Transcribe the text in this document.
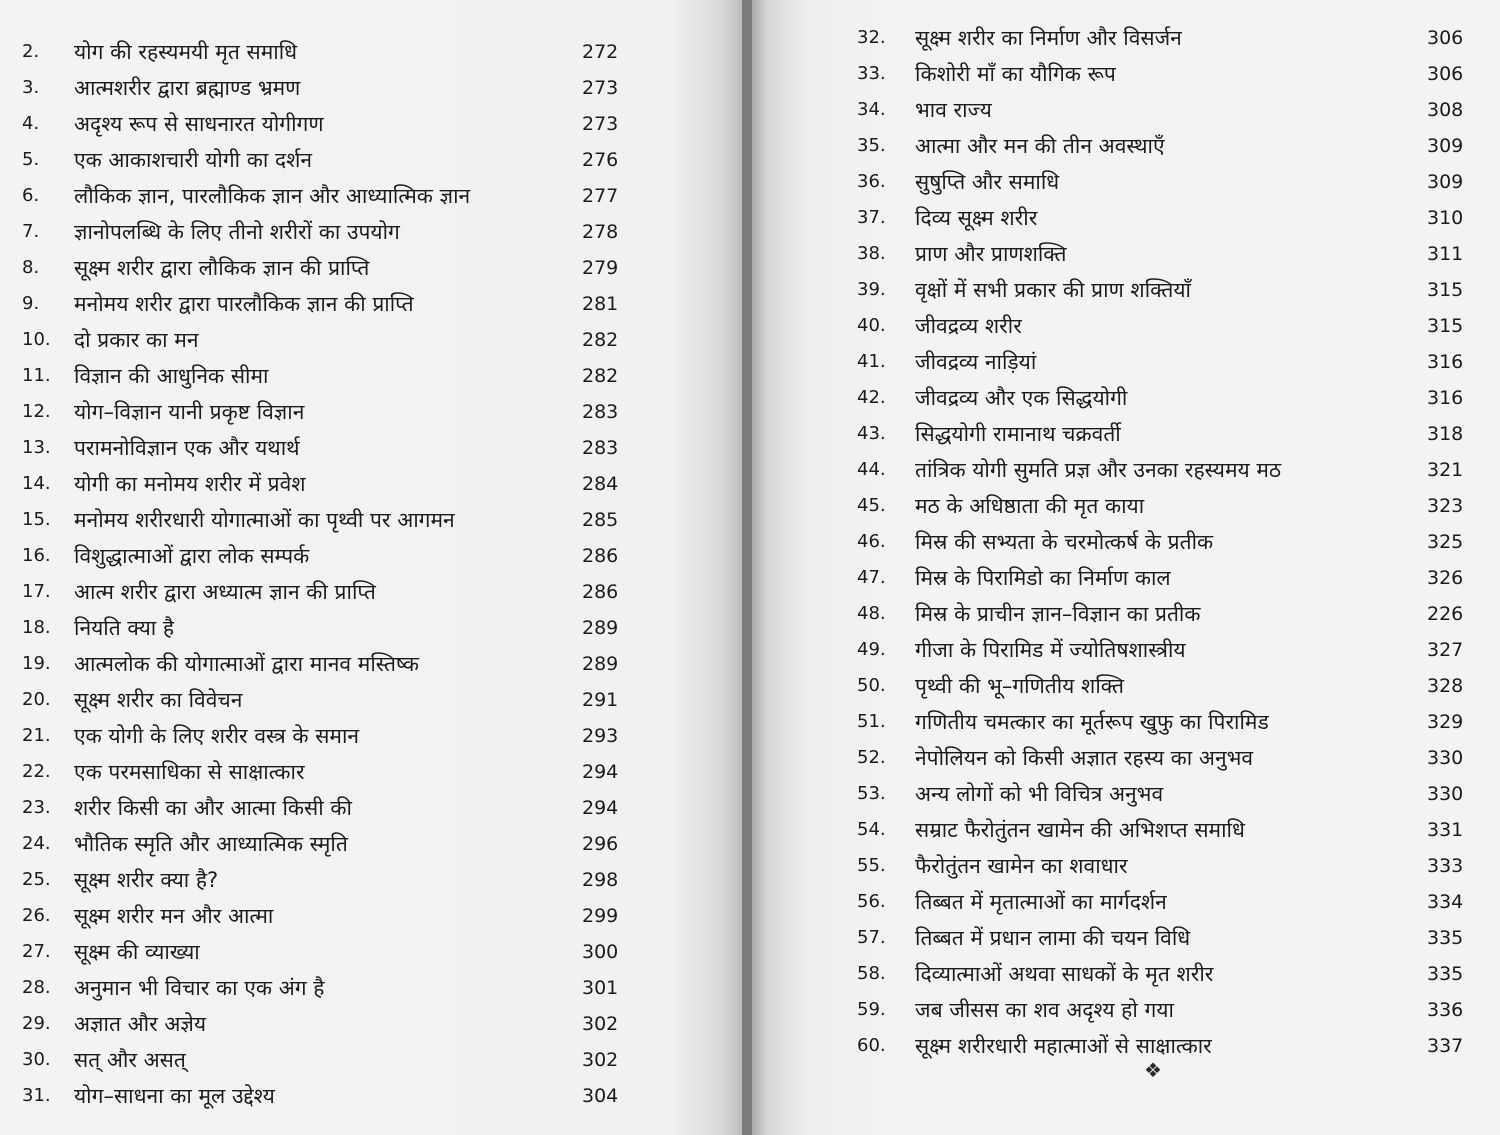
2. योग की रहस्यमयी मृत समाधि	272
3. आत्मशरीर द्वारा ब्रह्माण्ड भ्रमण	273
4. अदृश्य रूप से साधनारत योगीगण	273
5. एक आकाशचारी योगी का दर्शन	276
6. लौकिक ज्ञान, पारलौकिक ज्ञान और आध्यात्मिक ज्ञान	277
7. ज्ञानोपलब्धि के लिए तीनो शरीरों का उपयोग	278
8. सूक्ष्म शरीर द्वारा लौकिक ज्ञान की प्राप्ति	279
9. मनोमय शरीर द्वारा पारलौकिक ज्ञान की प्राप्ति	281
10. दो प्रकार का मन	282
11. विज्ञान की आधुनिक सीमा	282
12. योग–विज्ञान यानी प्रकृष्ट विज्ञान	283
13. परामनोविज्ञान एक और यथार्थ	283
14. योगी का मनोमय शरीर में प्रवेश	284
15. मनोमय शरीरधारी योगात्माओं का पृथ्वी पर आगमन	285
16. विशुद्धात्माओं द्वारा लोक सम्पर्क	286
17. आत्म शरीर द्वारा अध्यात्म ज्ञान की प्राप्ति	286
18. नियति क्या है	289
19. आत्मलोक की योगात्माओं द्वारा मानव मस्तिष्क	289
20. सूक्ष्म शरीर का विवेचन	291
21. एक योगी के लिए शरीर वस्त्र के समान	293
22. एक परमसाधिका से साक्षात्कार	294
23. शरीर किसी का और आत्मा किसी की	294
24. भौतिक स्मृति और आध्यात्मिक स्मृति	296
25. सूक्ष्म शरीर क्या है?	298
26. सूक्ष्म शरीर मन और आत्मा	299
27. सूक्ष्म की व्याख्या	300
28. अनुमान भी विचार का एक अंग है	301
29. अज्ञात और अज्ञेय	302
30. सत् और असत्	302
31. योग–साधना का मूल उद्देश्य	304
❖
32. सूक्ष्म शरीर का निर्माण और विसर्जन	306
33. किशोरी माँ का यौगिक रूप	306
34. भाव राज्य	308
35. आत्मा और मन की तीन अवस्थाएँ	309
36. सुषुप्ति और समाधि	309
37. दिव्य सूक्ष्म शरीर	310
38. प्राण और प्राणशक्ति	311
39. वृक्षों में सभी प्रकार की प्राण शक्तियाँ	315
40. जीवद्रव्य शरीर	315
41. जीवद्रव्य नाड़ियां	316
42. जीवद्रव्य और एक सिद्धयोगी	316
43. सिद्धयोगी रामानाथ चक्रवर्ती	318
44. तांत्रिक योगी सुमति प्रज्ञ और उनका रहस्यमय मठ	321
45. मठ के अधिष्ठाता की मृत काया	323
46. मिस्र की सभ्यता के चरमोत्कर्ष के प्रतीक	325
47. मिस्र के पिरामिडो का निर्माण काल	326
48. मिस्र के प्राचीन ज्ञान–विज्ञान का प्रतीक	226
49. गीजा के पिरामिड में ज्योतिषशास्त्रीय	327
50. पृथ्वी की भू–गणितीय शक्ति	328
51. गणितीय चमत्कार का मूर्तरूप खुफु का पिरामिड	329
52. नेपोलियन को किसी अज्ञात रहस्य का अनुभव	330
53. अन्य लोगों को भी विचित्र अनुभव	330
54. सम्राट फैरोतुंतन खामेन की अभिशप्त समाधि	331
55. फैरोतुंतन खामेन का शवाधार	333
56. तिब्बत में मृतात्माओं का मार्गदर्शन	334
57. तिब्बत में प्रधान लामा की चयन विधि	335
58. दिव्यात्माओं अथवा साधकों के मृत शरीर	335
59. जब जीसस का शव अदृश्य हो गया	336
60. सूक्ष्म शरीरधारी महात्माओं से साक्षात्कार	337
